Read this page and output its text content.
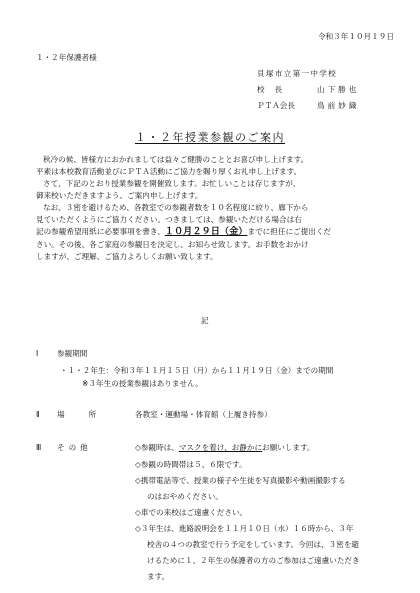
令和３年１０月１９日
１・２年保護者様
貝塚市立第一中学校
校長	山下勝也
ＰＴＡ会長	鳥前妙織
１・２年授業参観のご案内
秋冷の候、皆様方におかれましては益々ご健勝のこととお喜び申し上げます。
平素は本校教育活動並びにＰＴＡ活動にご協力を賜り厚くお礼申し上げます。
さて、下記のとおり授業参観を開催致します。お忙しいことは存じますが、
御来校いただきますよう、ご案内申し上げます。
なお、３密を避けるため、各教室での参観者数を１０名程度に絞り、廊下から
見ていただくようにご協力ください。つきましては、参観いただける場合は右
記の参観希望用紙に必要事項を書き、１０月２９日（金）までに担任にご提出くだ
さい。その後、各ご家庭の参観日を決定し、お知らせ致します。お手数をおかけ
しますが、ご理解、ご協力よろしくお願い致します。
記
Ⅰ 参観期間
・１・２年生：令和３年１１月１５日（月）から１１月１９日（金）までの期間
※３年生の授業参観はありません。
Ⅱ 場所 各教室・運動場・体育館（上履き持参）
Ⅲ その他	◇参観時は、マスクを着け、お静かにお願いします。
◇参観の時間帯は５、６限です。
◇携帯電話等で、授業の様子や生徒を写真撮影や動画撮影する
のはおやめください。
◇車での来校はご遠慮ください。
◇３年生は、進路説明会を１１月１０日（水）１６時から、３年
校舎の４つの教室で行う予定をしています。今回は、３密を避
けるために１、２年生の保護者の方のご参加はご遠慮いただき
ます。
